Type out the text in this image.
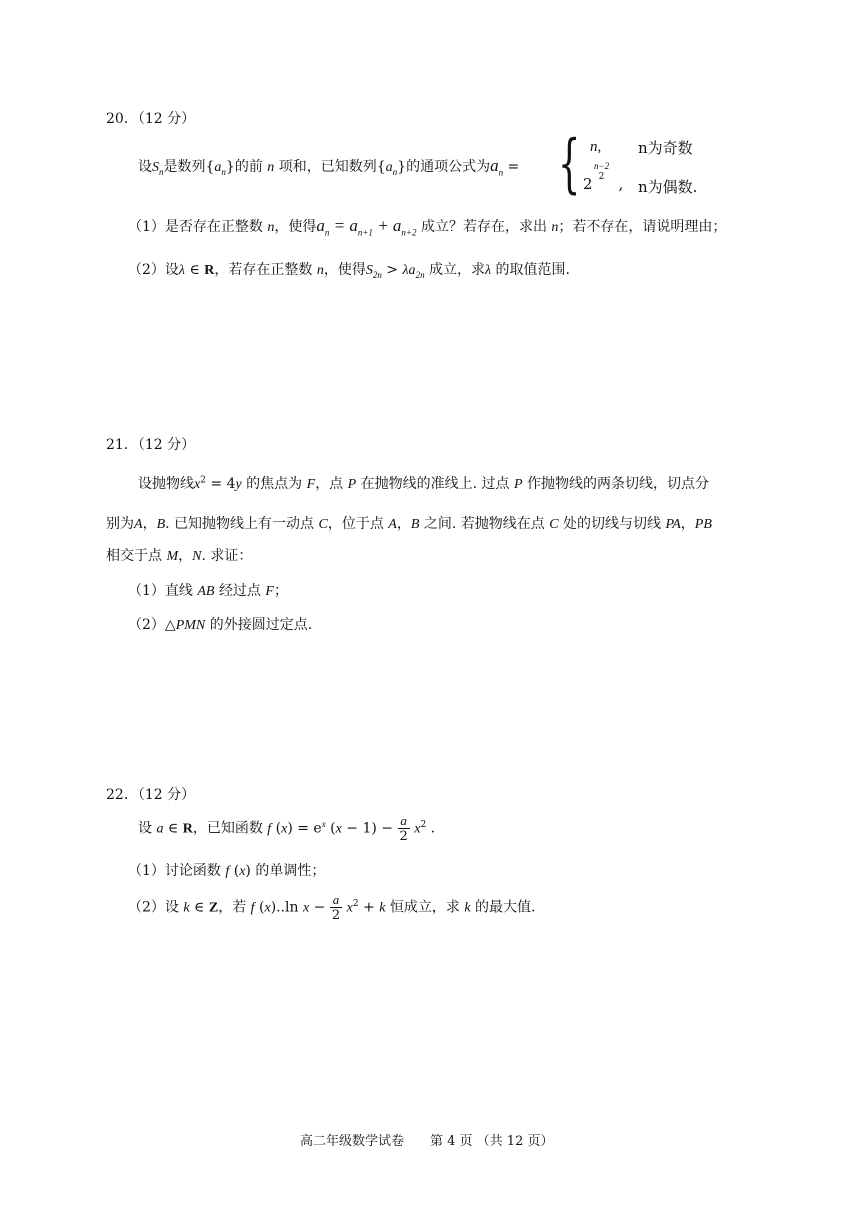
20．（12 分）
设$S_n$是数列$\{a_n\}$的前 n 项和，已知数列$\{a_n\}$的通项公式为$a_n$ = { n, n为奇数
n−2
2
2 , n为偶数.
（1）是否存在正整数 n，使得$a_n = a_{n+1} + a_{n+2}$ 成立？若存在，求出 n；若不存在，请说明理由；
（2）设λ ∈ R，若存在正整数 n，使得$S_{2n} > \lambda a_{2n}$ 成立，求λ 的取值范围.
21．（12 分）
设抛物线$x^2 = 4y$ 的焦点为 F，点 P 在抛物线的准线上. 过点 P 作抛物线的两条切线，切点分
别为A，B. 已知抛物线上有一动点 C，位于点 A，B 之间. 若抛物线在点 C 处的切线与切线 PA，PB
相交于点 M，N. 求证：
（1）直线 AB 经过点 F；
（2）△PMN 的外接圆过定点.
22．（12 分）
设 a ∈ R，已知函数 f $(x) = e^x$ $(x - 1) - \frac{a}{2} x^2$ .
（1）讨论函数 f (x) 的单调性；
（2）设 k ∈ Z，若 f (x)..ln $x - \frac{a}{2} x^2 + k$ 恒成立，求 k 的最大值.
高二年级数学试卷　　第 4 页 （共 12 页）
